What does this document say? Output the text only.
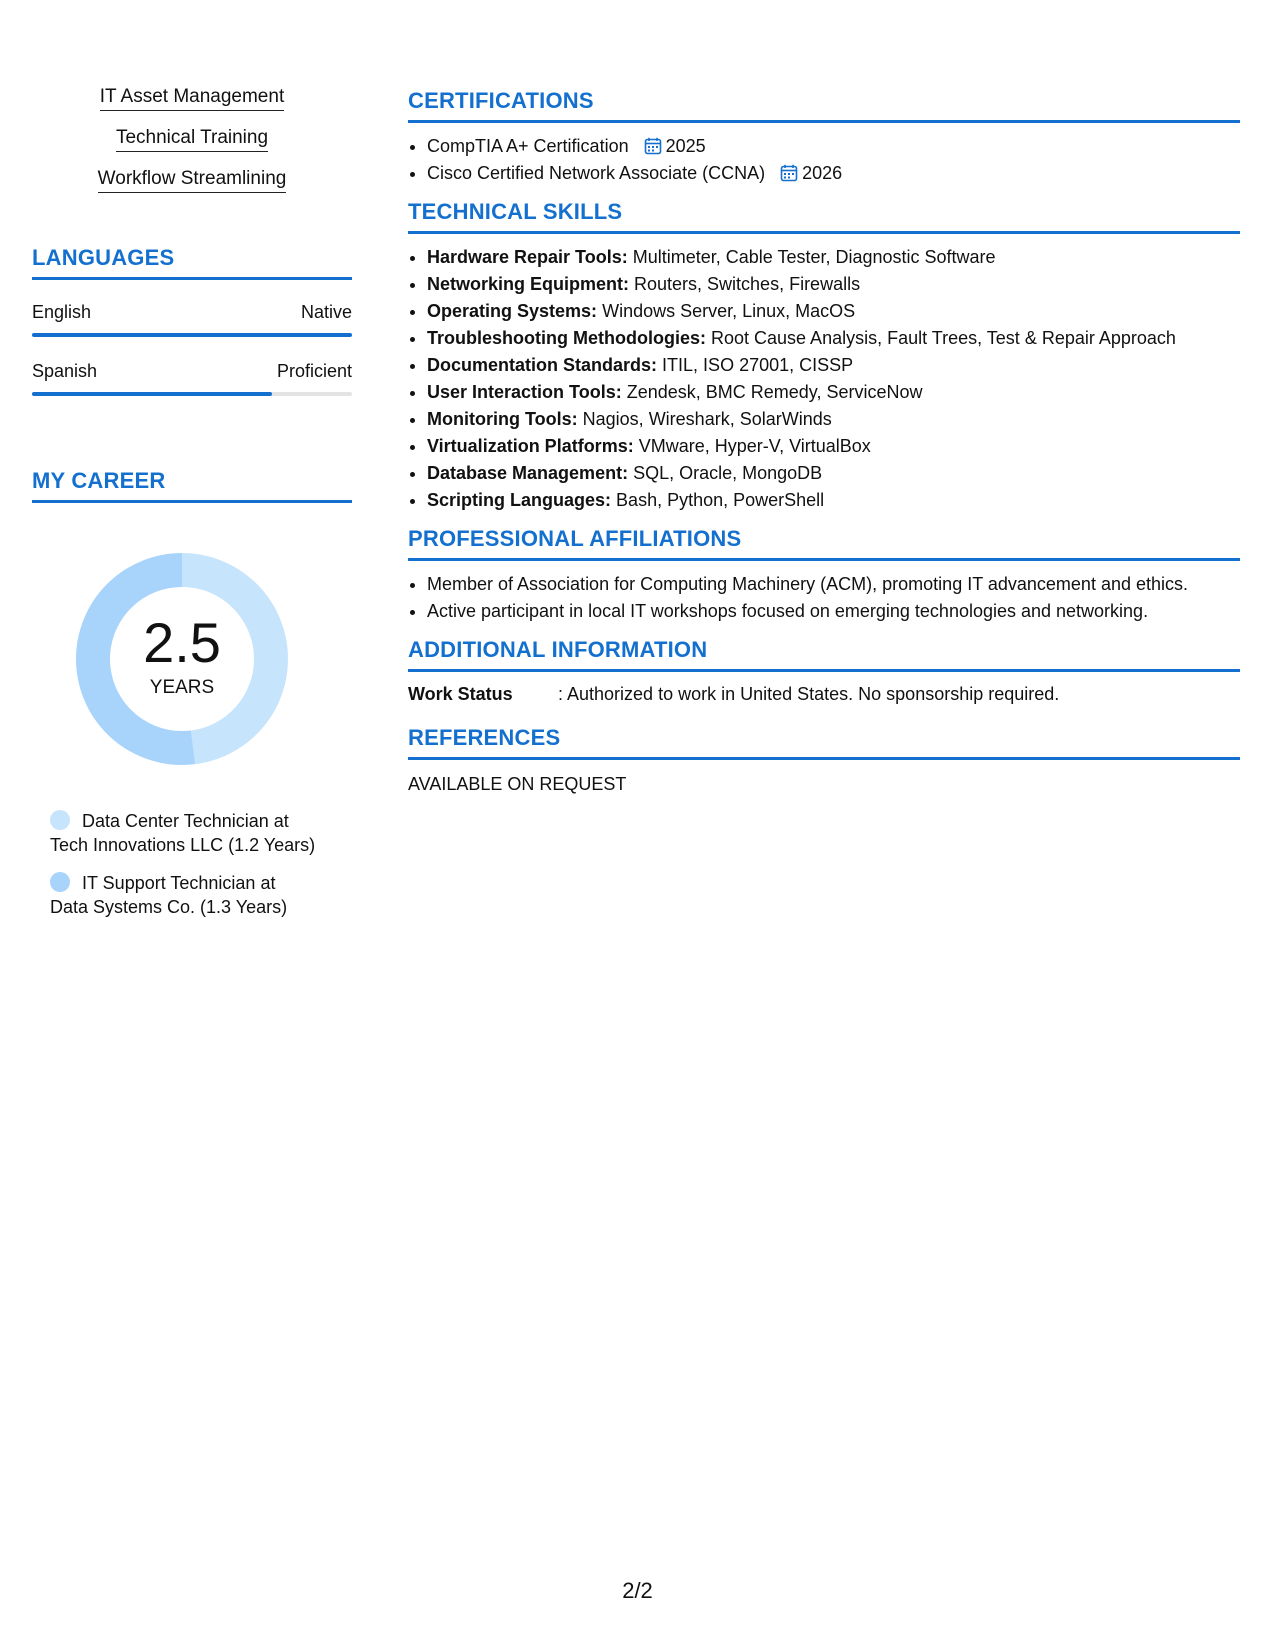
IT Asset Management
Technical Training
Workflow Streamlining
LANGUAGES
English	Native
Spanish	Proficient
MY CAREER
2.5
YEARS
Data Center Technician at
Tech Innovations LLC (1.2 Years)
IT Support Technician at
Data Systems Co. (1.3 Years)
CERTIFICATIONS
• CompTIA A+ Certification 2025
• Cisco Certified Network Associate (CCNA) 2026
TECHNICAL SKILLS
• Hardware Repair Tools: Multimeter, Cable Tester, Diagnostic Software
• Networking Equipment: Routers, Switches, Firewalls
• Operating Systems: Windows Server, Linux, MacOS
• Troubleshooting Methodologies: Root Cause Analysis, Fault Trees, Test & Repair Approach
• Documentation Standards: ITIL, ISO 27001, CISSP
• User Interaction Tools: Zendesk, BMC Remedy, ServiceNow
• Monitoring Tools: Nagios, Wireshark, SolarWinds
• Virtualization Platforms: VMware, Hyper-V, VirtualBox
• Database Management: SQL, Oracle, MongoDB
• Scripting Languages: Bash, Python, PowerShell
PROFESSIONAL AFFILIATIONS
• Member of Association for Computing Machinery (ACM), promoting IT advancement and ethics.
• Active participant in local IT workshops focused on emerging technologies and networking.
ADDITIONAL INFORMATION
Work Status	: Authorized to work in United States. No sponsorship required.
REFERENCES
AVAILABLE ON REQUEST
2/2
